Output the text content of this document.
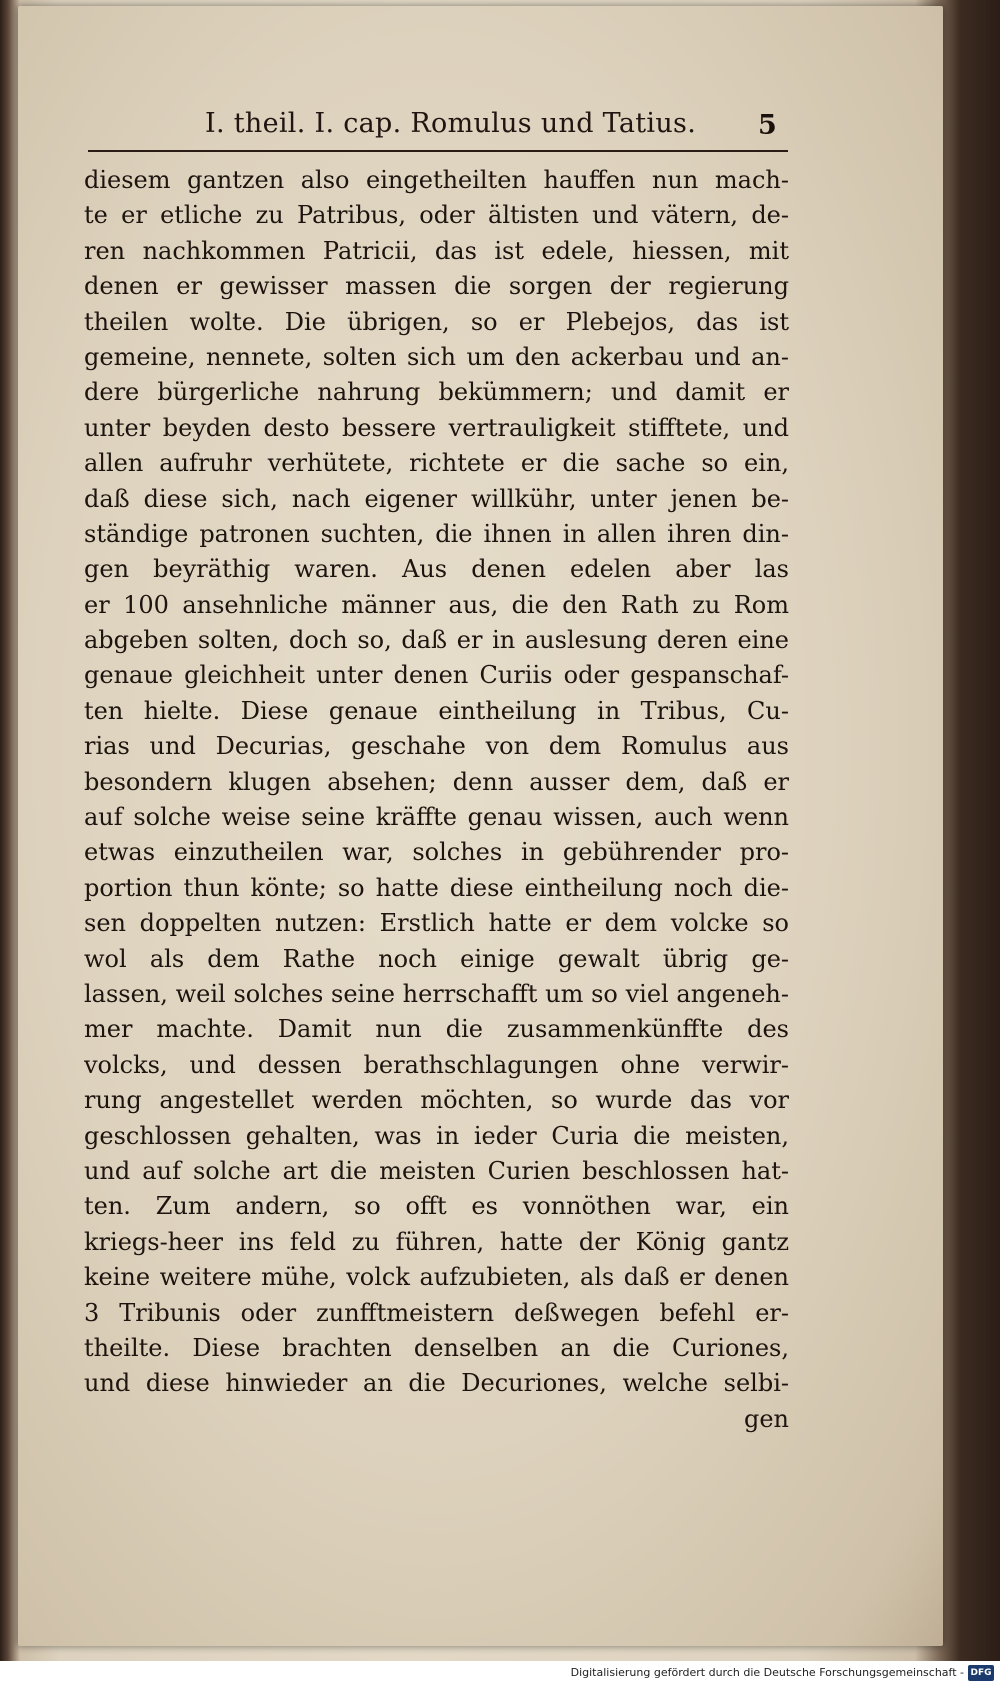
I. theil. I. cap. Romulus und Tatius. 5
diesem gantzen also eingetheilten hauffen nun mach-
te er etliche zu Patribus, oder ältisten und vätern, de-
ren nachkommen Patricii, das ist edele, hiessen, mit
denen er gewisser massen die sorgen der regierung
theilen wolte. Die übrigen, so er Plebejos, das ist
gemeine, nennete, solten sich um den ackerbau und an-
dere bürgerliche nahrung bekümmern; und damit er
unter beyden desto bessere vertrauligkeit stifftete, und
allen aufruhr verhütete, richtete er die sache so ein,
daß diese sich, nach eigener willkühr, unter jenen be-
ständige patronen suchten, die ihnen in allen ihren din-
gen beyräthig waren. Aus denen edelen aber las
er 100 ansehnliche männer aus, die den Rath zu Rom
abgeben solten, doch so, daß er in auslesung deren eine
genaue gleichheit unter denen Curiis oder gespanschaf-
ten hielte. Diese genaue eintheilung in Tribus, Cu-
rias und Decurias, geschahe von dem Romulus aus
besondern klugen absehen; denn ausser dem, daß er
auf solche weise seine kräffte genau wissen, auch wenn
etwas einzutheilen war, solches in gebührender pro-
portion thun könte; so hatte diese eintheilung noch die-
sen doppelten nutzen: Erstlich hatte er dem volcke so
wol als dem Rathe noch einige gewalt übrig ge-
lassen, weil solches seine herrschafft um so viel angeneh-
mer machte. Damit nun die zusammenkünffte des
volcks, und dessen berathschlagungen ohne verwir-
rung angestellet werden möchten, so wurde das vor
geschlossen gehalten, was in ieder Curia die meisten,
und auf solche art die meisten Curien beschlossen hat-
ten. Zum andern, so offt es vonnöthen war, ein
kriegs-heer ins feld zu führen, hatte der König gantz
keine weitere mühe, volck aufzubieten, als daß er denen
3 Tribunis oder zunfftmeistern deßwegen befehl er-
theilte. Diese brachten denselben an die Curiones,
und diese hinwieder an die Decuriones, welche selbi-
gen
Digitalisierung gefördert durch die Deutsche Forschungsgemeinschaft - DFG
